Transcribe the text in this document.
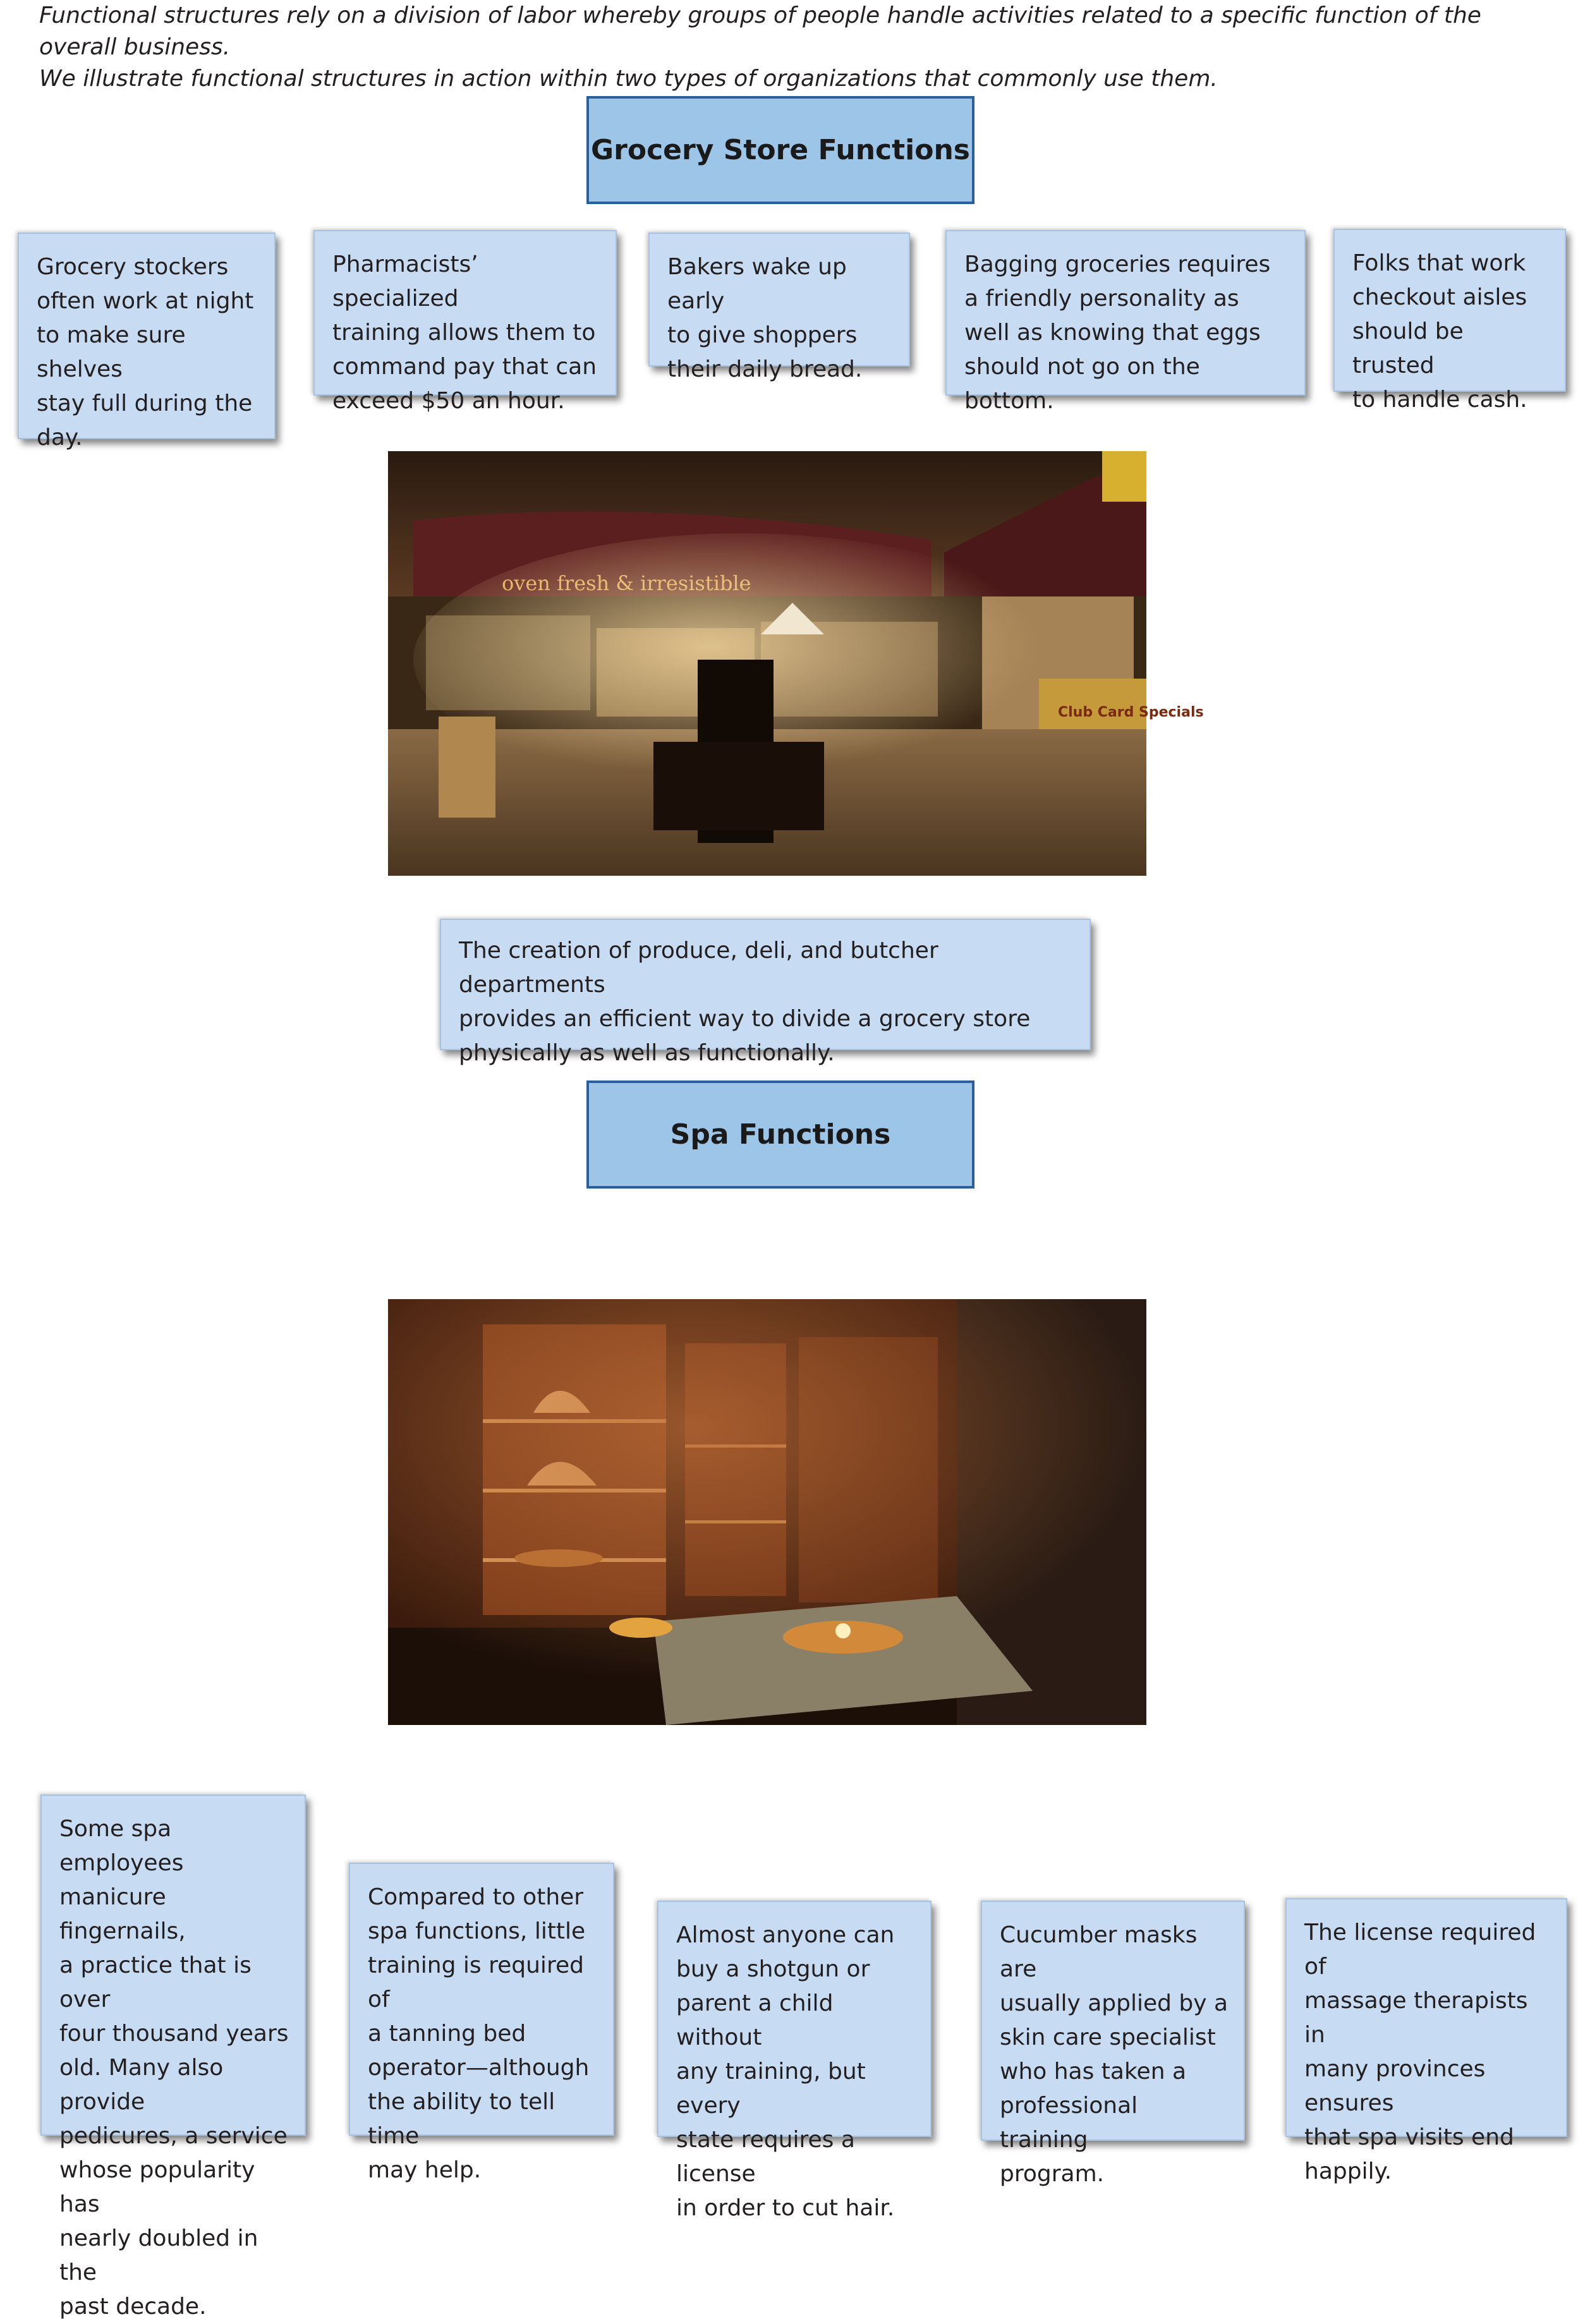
Functional structures rely on a division of labor whereby groups of people handle activities related to a specific function of the overall business.

We illustrate functional structures in action within two types of organizations that commonly use them.

Grocery Store Functions
Grocery stockers
often work at night
to make sure shelves
stay full during the
day.
Pharmacists’ specialized
training allows them to
command pay that can
exceed $50 an hour.
Bakers wake up early
to give shoppers
their daily bread.
Bagging groceries requires
a friendly personality as
well as knowing that eggs
should not go on the bottom.
Folks that work
checkout aisles
should be trusted
to handle cash.
Club Card Specials
The creation of produce, deli, and butcher departments
provides an efficient way to divide a grocery store
physically as well as functionally.
Spa Functions
Some spa employees
manicure fingernails,
a practice that is over
four thousand years
old. Many also provide
pedicures, a service
whose popularity has
nearly doubled in the
past decade.
Compared to other
spa functions, little
training is required of
a tanning bed
operator—although
the ability to tell time
may help.
Almost anyone can
buy a shotgun or
parent a child without
any training, but every
state requires a license
in order to cut hair.
Cucumber masks are
usually applied by a
skin care specialist
who has taken a
professional training
program.
The license required of
massage therapists in
many provinces ensures
that spa visits end
happily.
